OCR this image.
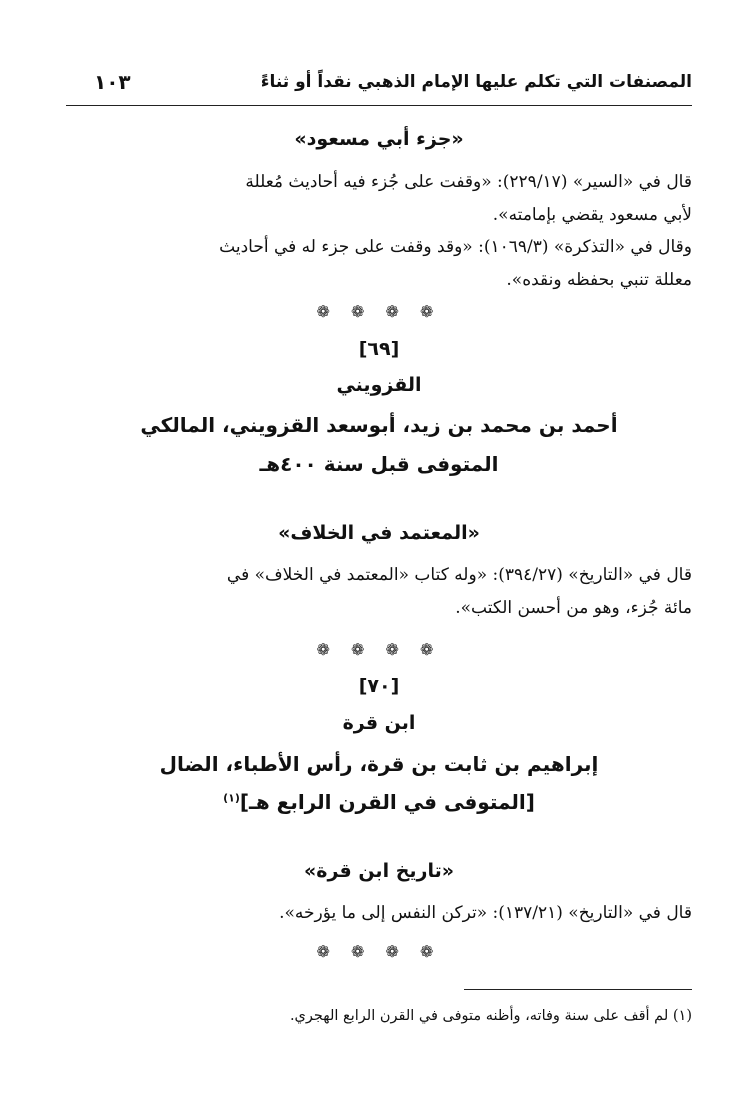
المصنفات التي تكلم عليها الإمام الذهبي نقداً أو ثناءً
١٠٣
«جزء أبي مسعود»
قال في «السير» (٢٢٩/١٧): «وقفت على جُزء فيه أحاديث مُعللة
لأبي مسعود يقضي بإمامته».
وقال في «التذكرة» (١٠٦٩/٣): «وقد وقفت على جزء له في أحاديث
معللة تنبي بحفظه ونقده».
❁ ❁ ❁ ❁
[٦٩]
القزويني
أحمد بن محمد بن زيد، أبوسعد القزويني، المالكي
المتوفى قبل سنة ٤٠٠هـ
«المعتمد في الخلاف»
قال في «التاريخ» (٣٩٤/٢٧): «وله كتاب «المعتمد في الخلاف» في
مائة جُزء، وهو من أحسن الكتب».
❁ ❁ ❁ ❁
[٧٠]
ابن قرة
إبراهيم بن ثابت بن قرة، رأس الأطباء، الضال
[المتوفى في القرن الرابع هـ]$^{(١)}$
«تاريخ ابن قرة»
قال في «التاريخ» (١٣٧/٢١): «تركن النفس إلى ما يؤرخه».
❁ ❁ ❁ ❁
(١) لم أقف على سنة وفاته، وأظنه متوفى في القرن الرابع الهجري.
